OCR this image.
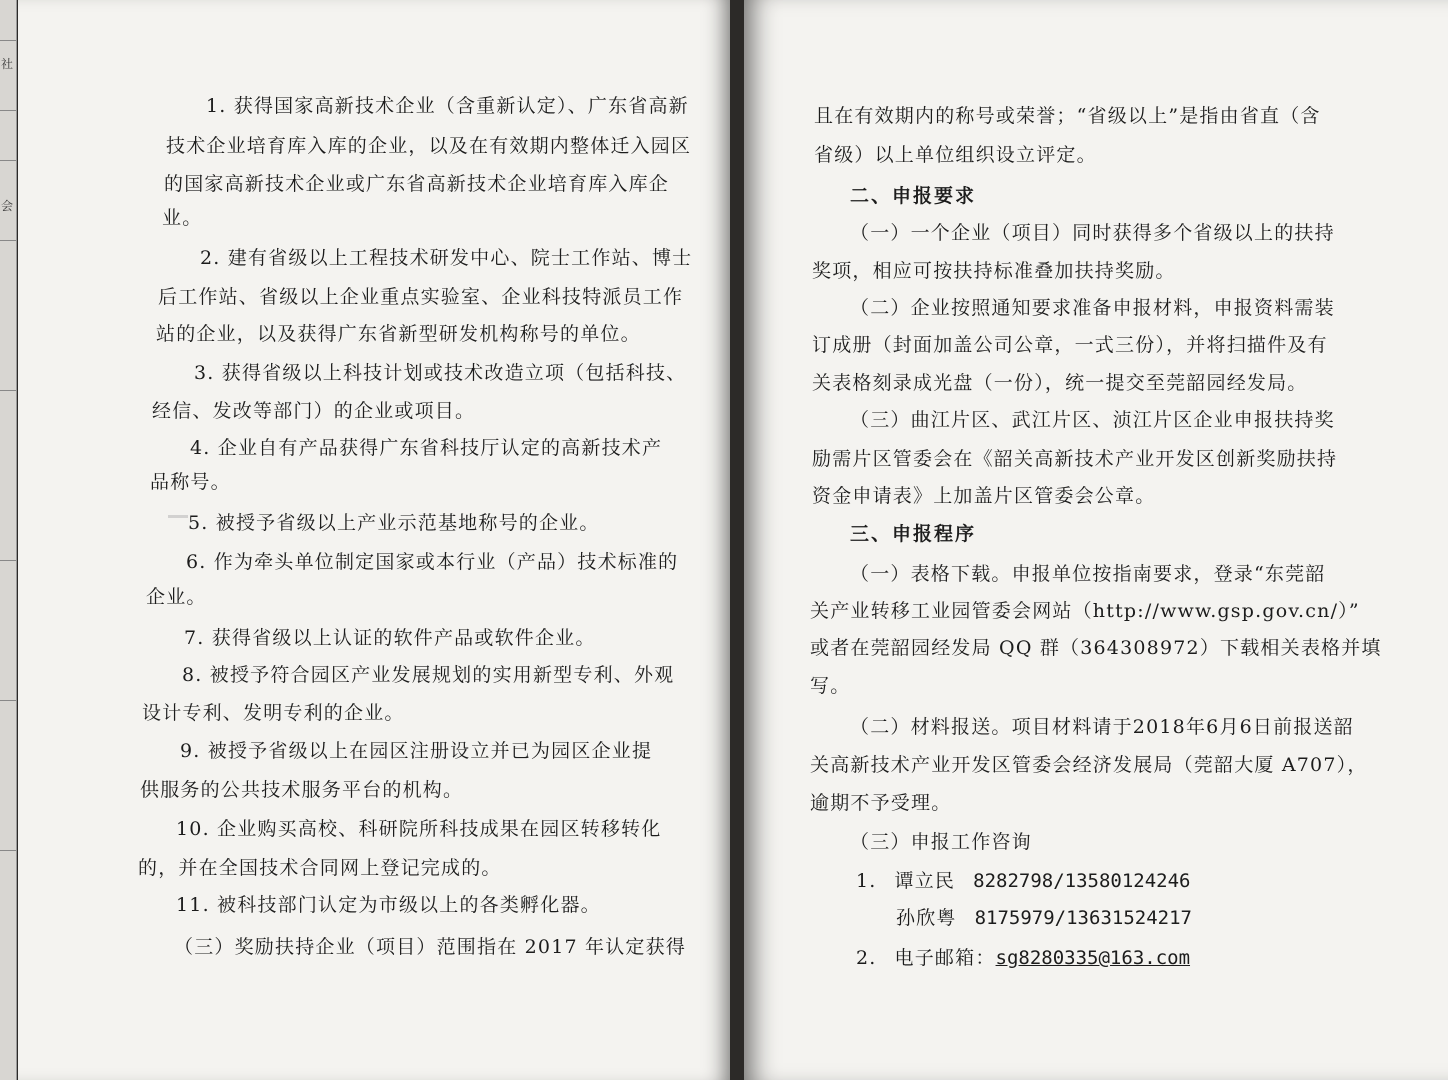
社
会
1. 获得国家高新技术企业（含重新认定）、广东省高新
技术企业培育库入库的企业，以及在有效期内整体迁入园区
的国家高新技术企业或广东省高新技术企业培育库入库企
业。
2. 建有省级以上工程技术研发中心、院士工作站、博士
后工作站、省级以上企业重点实验室、企业科技特派员工作
站的企业，以及获得广东省新型研发机构称号的单位。
3. 获得省级以上科技计划或技术改造立项（包括科技、
经信、发改等部门）的企业或项目。
4. 企业自有产品获得广东省科技厅认定的高新技术产
品称号。
5. 被授予省级以上产业示范基地称号的企业。
6. 作为牵头单位制定国家或本行业（产品）技术标准的
企业。
7. 获得省级以上认证的软件产品或软件企业。
8. 被授予符合园区产业发展规划的实用新型专利、外观
设计专利、发明专利的企业。
9. 被授予省级以上在园区注册设立并已为园区企业提
供服务的公共技术服务平台的机构。
10. 企业购买高校、科研院所科技成果在园区转移转化
的，并在全国技术合同网上登记完成的。
11. 被科技部门认定为市级以上的各类孵化器。
（三）奖励扶持企业（项目）范围指在 2017 年认定获得
且在有效期内的称号或荣誉；“省级以上”是指由省直（含
省级）以上单位组织设立评定。
二、申报要求
（一）一个企业（项目）同时获得多个省级以上的扶持
奖项，相应可按扶持标准叠加扶持奖励。
（二）企业按照通知要求准备申报材料，申报资料需装
订成册（封面加盖公司公章，一式三份），并将扫描件及有
关表格刻录成光盘（一份），统一提交至莞韶园经发局。
（三）曲江片区、武江片区、浈江片区企业申报扶持奖
励需片区管委会在《韶关高新技术产业开发区创新奖励扶持
资金申请表》上加盖片区管委会公章。
三、申报程序
（一）表格下载。申报单位按指南要求，登录“东莞韶
关产业转移工业园管委会网站（http://www.gsp.gov.cn/）”
或者在莞韶园经发局 QQ 群（364308972）下载相关表格并填
写。
（二）材料报送。项目材料请于2018年6月6日前报送韶
关高新技术产业开发区管委会经济发展局（莞韶大厦 A707），
逾期不予受理。
（三）申报工作咨询
1. 谭立民 8282798/13580124246
孙欣粤 8175979/13631524217
2. 电子邮箱：sg8280335@163.com
